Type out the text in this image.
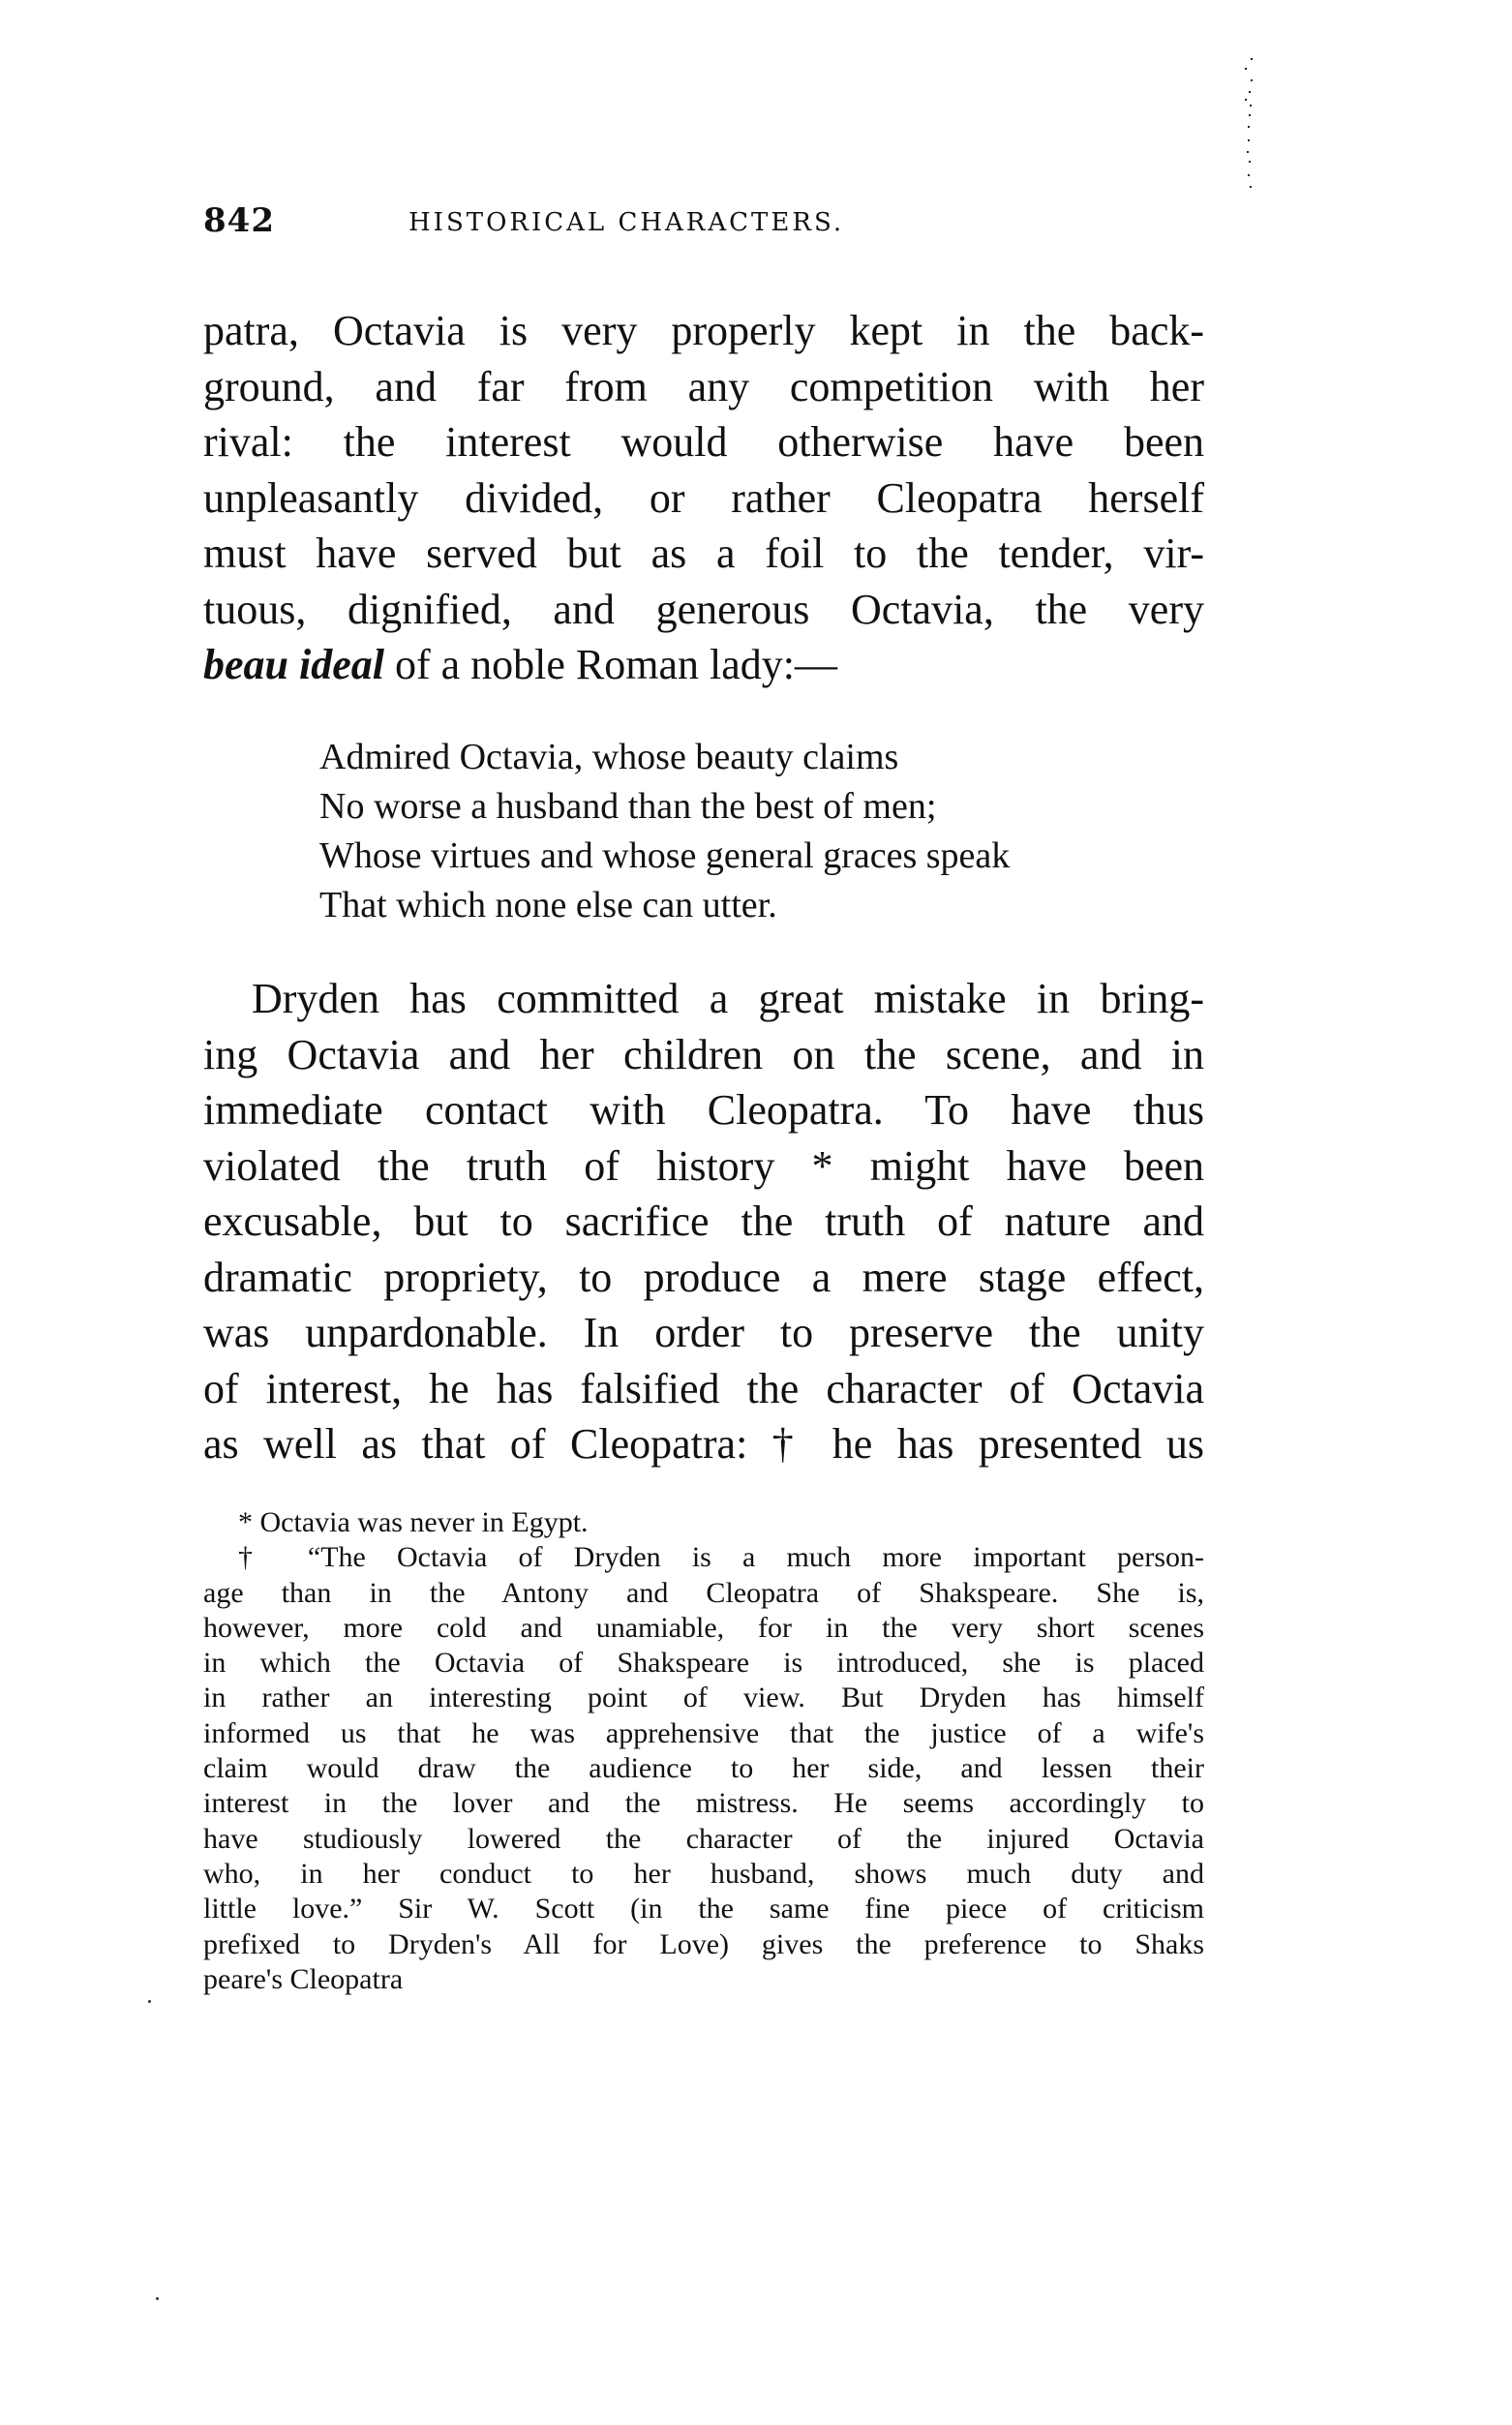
842	HISTORICAL CHARACTERS.
patra, Octavia is very properly kept in the back-
ground, and far from any competition with her
rival: the interest would otherwise have been
unpleasantly divided, or rather Cleopatra herself
must have served but as a foil to the tender, vir-
tuous, dignified, and generous Octavia, the very
beau ideal of a noble Roman lady:—
Admired Octavia, whose beauty claims
No worse a husband than the best of men;
Whose virtues and whose general graces speak
That which none else can utter.
Dryden has committed a great mistake in bring-
ing Octavia and her children on the scene, and in
immediate contact with Cleopatra. To have thus
violated the truth of history * might have been
excusable, but to sacrifice the truth of nature and
dramatic propriety, to produce a mere stage effect,
was unpardonable. In order to preserve the unity
of interest, he has falsified the character of Octavia
as well as that of Cleopatra: † he has presented us
* Octavia was never in Egypt.
† “The Octavia of Dryden is a much more important person-
age than in the Antony and Cleopatra of Shakspeare. She is,
however, more cold and unamiable, for in the very short scenes
in which the Octavia of Shakspeare is introduced, she is placed
in rather an interesting point of view. But Dryden has himself
informed us that he was apprehensive that the justice of a wife's
claim would draw the audience to her side, and lessen their
interest in the lover and the mistress. He seems accordingly to
have studiously lowered the character of the injured Octavia
who, in her conduct to her husband, shows much duty and
little love.” Sir W. Scott (in the same fine piece of criticism
prefixed to Dryden's All for Love) gives the preference to Shaks
peare's Cleopatra
